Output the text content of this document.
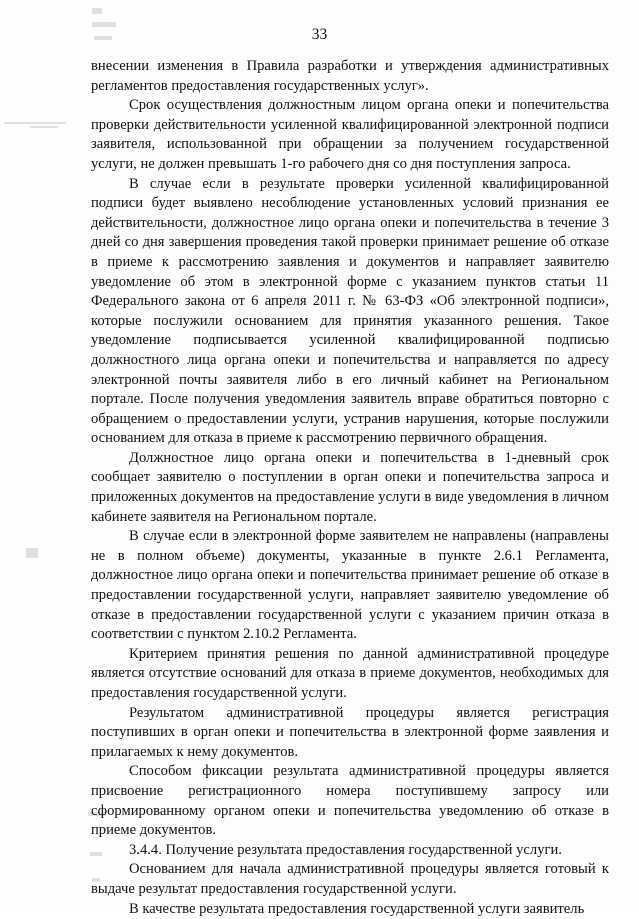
33

внесении изменения в Правила разработки и утверждения административных регламентов предоставления государственных услуг».

Срок осуществления должностным лицом органа опеки и попечительства проверки действительности усиленной квалифицированной электронной подписи заявителя, использованной при обращении за получением государственной услуги, не должен превышать 1-го рабочего дня со дня поступления запроса.

В случае если в результате проверки усиленной квалифицированной подписи будет выявлено несоблюдение установленных условий признания ее действительности, должностное лицо органа опеки и попечительства в течение 3 дней со дня завершения проведения такой проверки принимает решение об отказе в приеме к рассмотрению заявления и документов и направляет заявителю уведомление об этом в электронной форме с указанием пунктов статьи 11 Федерального закона от 6 апреля 2011 г. № 63-ФЗ «Об электронной подписи», которые послужили основанием для принятия указанного решения. Такое уведомление подписывается усиленной квалифицированной подписью должностного лица органа опеки и попечительства и направляется по адресу электронной почты заявителя либо в его личный кабинет на Региональном портале. После получения уведомления заявитель вправе обратиться повторно с обращением о предоставлении услуги, устранив нарушения, которые послужили основанием для отказа в приеме к рассмотрению первичного обращения.

Должностное лицо органа опеки и попечительства в 1-дневный срок сообщает заявителю о поступлении в орган опеки и попечительства запроса и приложенных документов на предоставление услуги в виде уведомления в личном кабинете заявителя на Региональном портале.

В случае если в электронной форме заявителем не направлены (направлены не в полном объеме) документы, указанные в пункте 2.6.1 Регламента, должностное лицо органа опеки и попечительства принимает решение об отказе в предоставлении государственной услуги, направляет заявителю уведомление об отказе в предоставлении государственной услуги с указанием причин отказа в соответствии с пунктом 2.10.2 Регламента.

Критерием принятия решения по данной административной процедуре является отсутствие оснований для отказа в приеме документов, необходимых для предоставления государственной услуги.

Результатом административной процедуры является регистрация поступивших в орган опеки и попечительства в электронной форме заявления и прилагаемых к нему документов.

Способом фиксации результата административной процедуры является присвоение регистрационного номера поступившему запросу или сформированному органом опеки и попечительства уведомлению об отказе в приеме документов.

3.4.4. Получение результата предоставления государственной услуги.

Основанием для начала административной процедуры является готовый к выдаче результат предоставления государственной услуги.

В качестве результата предоставления государственной услуги заявитель
